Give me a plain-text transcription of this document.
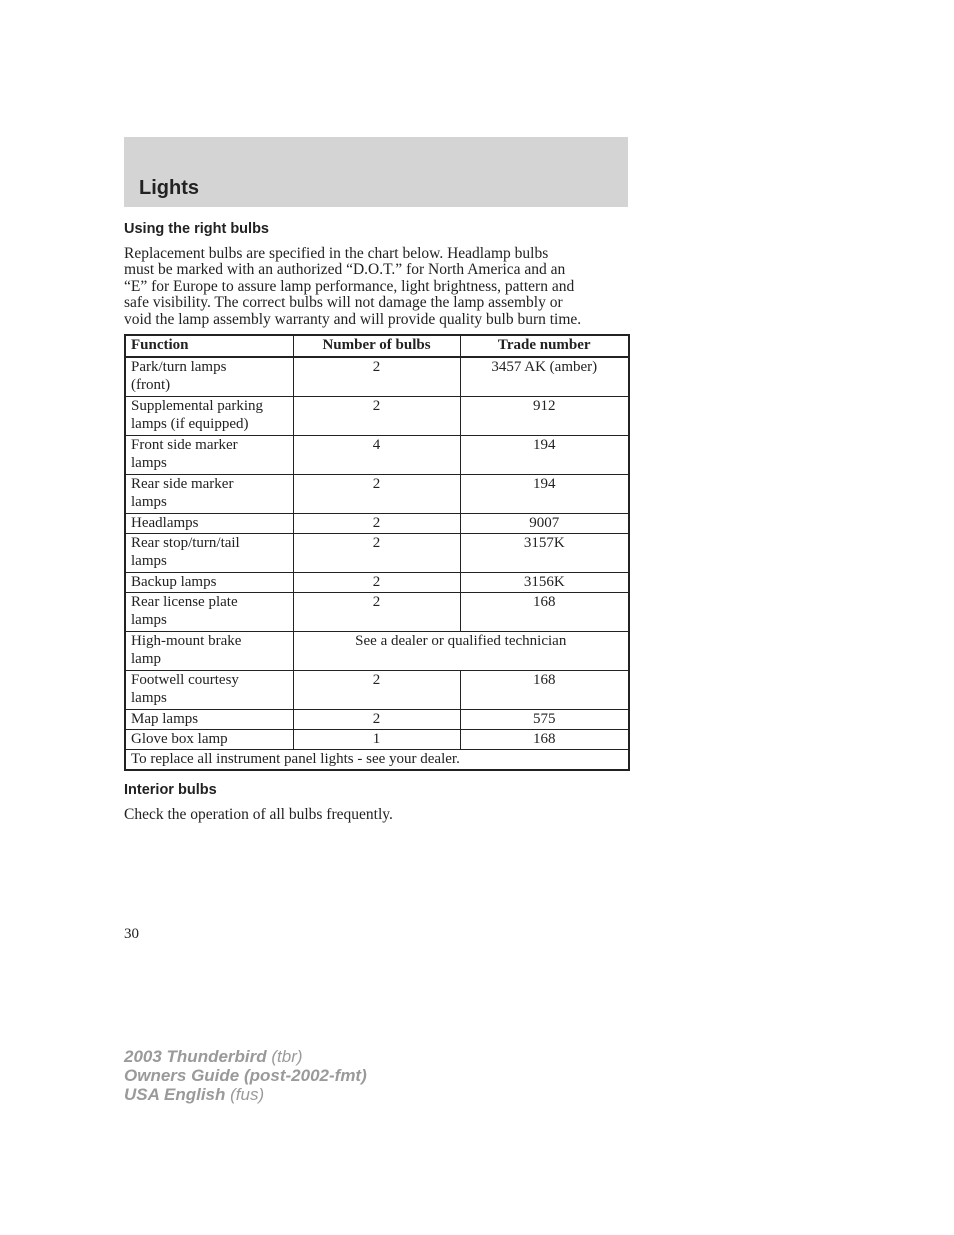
Lights
Using the right bulbs
Replacement bulbs are specified in the chart below. Headlamp bulbs
must be marked with an authorized “D.O.T.” for North America and an
“E” for Europe to assure lamp performance, light brightness, pattern and
safe visibility. The correct bulbs will not damage the lamp assembly or
void the lamp assembly warranty and will provide quality bulb burn time.
Function	Number of bulbs	Trade number

Park/turn lamps
(front)	2	3457 AK (amber)

Supplemental parking
lamps (if equipped)	2	912

Front side marker
lamps	4	194

Rear side marker
lamps	2	194

Headlamps	2	9007

Rear stop/turn/tail
lamps	2	3157K

Backup lamps	2	3156K

Rear license plate
lamps	2	168

High-mount brake
lamp	See a dealer or qualified technician	

Footwell courtesy
lamps	2	168

Map lamps	2	575

Glove box lamp	1	168
To replace all instrument panel lights - see your dealer.		
Interior bulbs
Check the operation of all bulbs frequently.
30
2003 Thunderbird (tbr)
Owners Guide (post-2002-fmt)
USA English (fus)
